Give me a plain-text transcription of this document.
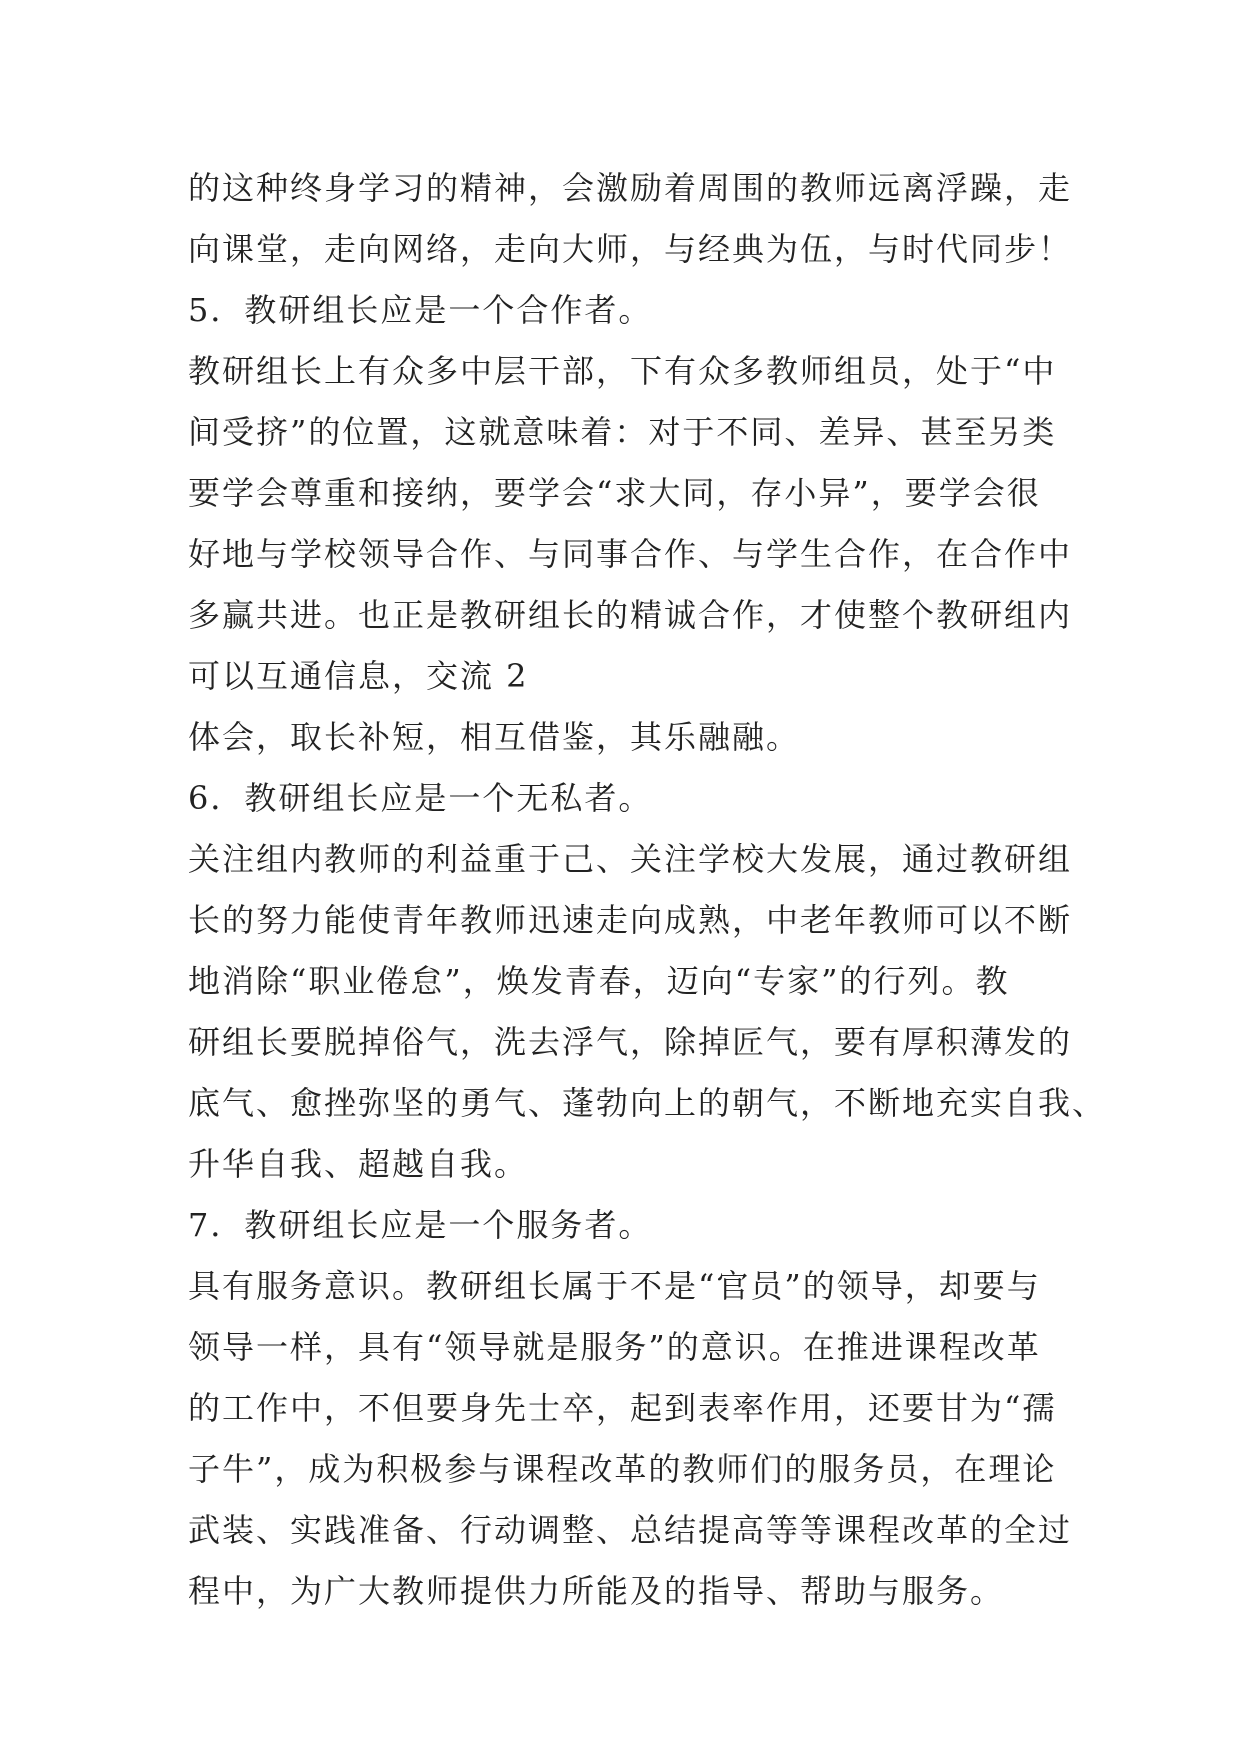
的这种终身学习的精神，会激励着周围的教师远离浮躁，走
向课堂，走向网络，走向大师，与经典为伍，与时代同步！
5．教研组长应是一个合作者。
教研组长上有众多中层干部，下有众多教师组员，处于“中
间受挤”的位置，这就意味着：对于不同、差异、甚至另类
要学会尊重和接纳，要学会“求大同，存小异”，要学会很
好地与学校领导合作、与同事合作、与学生合作，在合作中
多赢共进。也正是教研组长的精诚合作，才使整个教研组内
可以互通信息，交流 2
体会，取长补短，相互借鉴，其乐融融。
6．教研组长应是一个无私者。
关注组内教师的利益重于己、关注学校大发展，通过教研组
长的努力能使青年教师迅速走向成熟，中老年教师可以不断
地消除“职业倦怠”，焕发青春，迈向“专家”的行列。教
研组长要脱掉俗气，洗去浮气，除掉匠气，要有厚积薄发的
底气、愈挫弥坚的勇气、蓬勃向上的朝气，不断地充实自我、
升华自我、超越自我。
7．教研组长应是一个服务者。
具有服务意识。教研组长属于不是“官员”的领导，却要与
领导一样，具有“领导就是服务”的意识。在推进课程改革
的工作中，不但要身先士卒，起到表率作用，还要甘为“孺
子牛”，成为积极参与课程改革的教师们的服务员，在理论
武装、实践准备、行动调整、总结提高等等课程改革的全过
程中，为广大教师提供力所能及的指导、帮助与服务。
